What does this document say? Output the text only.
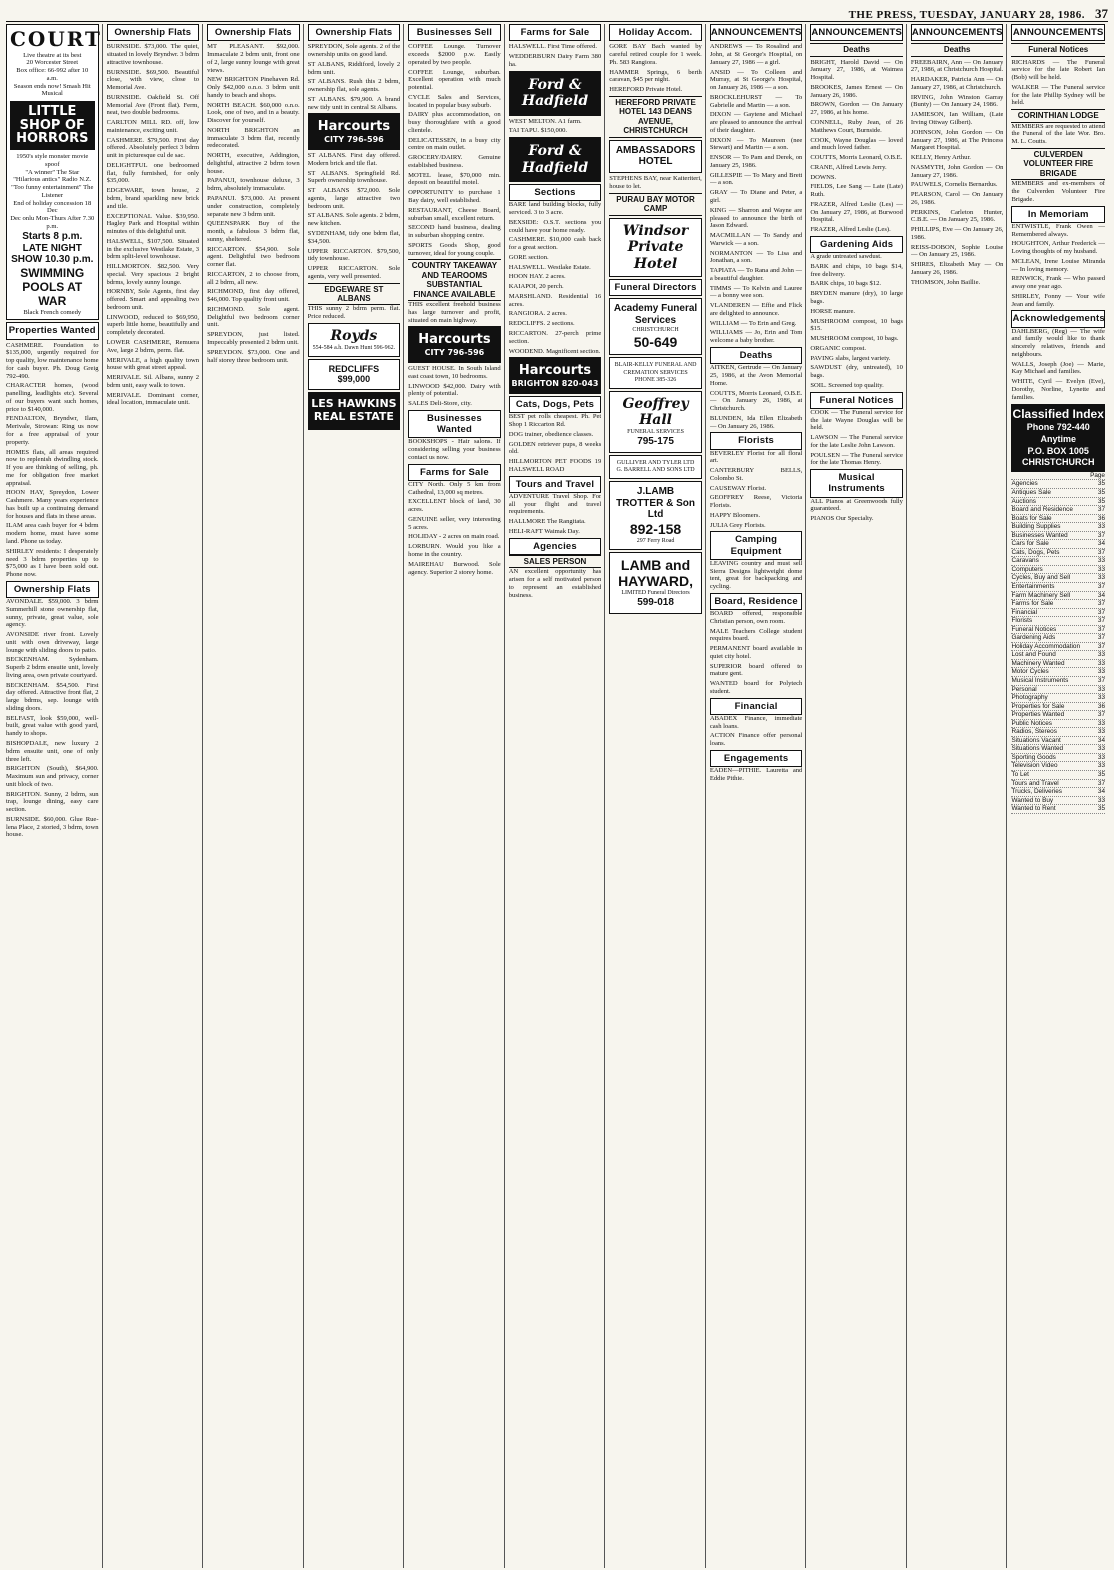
THE PRESS, TUESDAY, JANUARY 28, 1986. 37
COURT
Live theatre at its best
20 Worcester Street
Box office: 66-992 after 10 a.m.
Season ends now! Smash Hit Musical
LITTLE SHOP OF HORRORS
1950's style monster movie spoof
"A winner" The Star
"Hilarious antics" Radio N.Z.
"Too funny entertainment" The Listener
End of holiday concession 18 Dec
Dec onlu Mon-Thurs After 7.30 p.m.
Starts 8 p.m.
LATE NIGHT SHOW 10.30 p.m.
SWIMMING POOLS AT WAR
Black French comedy
Properties Wanted

CASHMERE. Foundation to $135,000, urgently required for top quality, low maintenance home for cash buyer. Ph. Doug Greig 792-490.

CHARACTER homes, (wood panelling, leadlights etc). Several of our buyers want such homes, price to $140,000.

FENDALTON, Bryndwr, Ilam, Merivale, Strowan: Ring us now for a free appraisal of your property.

HOMES flats, all areas required now to replenish dwindling stock. If you are thinking of selling, ph. me for obligation free market appraisal.

HOON HAY, Spreydon, Lower Cashmere. Many years experience has built up a continuing demand for houses and flats in these areas.

ILAM area cash buyer for 4 bdrm modern home, must have some land. Phone us today.

SHIRLEY residents: I desperately need 3 bdrm properties up to $75,000 as I have been sold out. Phone now.

Ownership Flats

AVONDALE. $59,000. 3 bdrm Summerhill stone ownership flat, sunny, private, great value, sole agency.

AVONSIDE river front. Lovely unit with own driveway, large lounge with sliding doors to patio.

BECKENHAM. Sydenham. Superb 2 bdrm ensuite unit, lovely living area, own private courtyard.

BECKENHAM. $54,500. First day offered. Attractive front flat, 2 large bdrms, sep. lounge with sliding doors.

BELFAST, look $59,000, well-built, great value with good yard, handy to shops.

BISHOPDALE, new luxury 2 bdrm ensuite unit, one of only three left.

BRIGHTON (South), $64,900. Maximum sun and privacy, corner unit block of two.

BRIGHTON. Sunny, 2 bdrm, sun trap, lounge dining, easy care section.

BURNSIDE. $60,000. Glue Rue-lena Place, 2 storied, 3 bdrm, town house.

Ownership Flats

BURNSIDE. $73,000. The quiet, situated in lovely Bryndwr. 3 bdrm attractive townhouse.

BURNSIDE. $69,500. Beautiful close, with view, close to Memorial Ave.

BURNSIDE. Oakfield St. Off Memorial Ave (Front flat). Ferm, neat, two double bedrooms.

CARLTON MILL RD. off, low maintenance, exciting unit.

CASHMERE. $79,500. First day offered. Absolutely perfect 3 bdrm unit in picturesque cul de sac.

DELIGHTFUL one bedroomed flat, fully furnished, for only $35,000.

EDGEWARE, town house, 2 bdrm, brand sparkling new brick and tile.

EXCEPTIONAL Value. $39,950. Hagley Park and Hospital within minutes of this delightful unit.

HALSWELL, $107,500. Situated in the exclusive Westlake Estate, 3 bdrm split-level townhouse.

HILLMORTON. $82,500. Very special. Very spacious 2 bright bdrms, lovely sunny lounge.

HORNBY, Sole Agents, first day offered. Smart and appealing two bedroom unit.

LINWOOD, reduced to $69,950, superb little home, beautifully and completely decorated.

LOWER CASHMERE, Remuera Ave, large 2 bdrm, perm. flat.

MERIVALE, a high quality town house with great street appeal.

MERIVALE. Sil. Albans, sunny 2 bdrm unit, easy walk to town.

MERIVALE. Dominant corner, ideal location, immaculate unit.

Ownership Flats

MT PLEASANT. $92,000. Immaculate 2 bdrm unit, front one of 2, large sunny lounge with great views.

NEW BRIGHTON Pinehaven Rd. Only $42,000 o.n.o. 3 bdrm unit handy to beach and shops.

NORTH BEACH. $60,000 o.n.o. Look, one of two, and in a beauty. Discover for yourself.

NORTH BRIGHTON an immaculate 3 bdrm flat, recently redecorated.

NORTH, executive, Addington, delightful, attractive 2 bdrm town house.

PAPANUI, townhouse deluxe, 3 bdrm, absolutely immaculate.

PAPANUI. $73,000. At present under construction, completely separate new 3 bdrm unit.

QUEENSPARK Buy of the month, a fabulous 3 bdrm flat, sunny, sheltered.

RICCARTON. $54,900. Sole agent. Delightful two bedroom corner flat.

RICCARTON, 2 to choose from, all 2 bdrm, all new.

RICHMOND, first day offered, $46,000. Top quality front unit.

RICHMOND. Sole agent. Delightful two bedroom corner unit.

SPREYDON, just listed. Impeccably presented 2 bdrm unit.

SPREYDON. $73,000. One and half storey three bedroom unit.

Ownership Flats

SPREYDON, Sole agents. 2 of the ownership units on good land.

ST ALBANS, Riddiford, lovely 2 bdrm unit.

ST ALBANS. Rush this 2 bdrm, ownership flat, sole agents.

ST ALBANS. $79,900. A brand new tidy unit in central St Albans.

Harcourts
CITY 796-596

ST ALBANS. First day offered. Modern brick and tile flat.

ST ALBANS. Springfield Rd. Superb ownership townhouse.

ST ALBANS $72,000. Sole agents, large attractive two bedroom unit.

ST ALBANS. Sole agents. 2 bdrm, new kitchen.

SYDENHAM, tidy one bdrm flat, $34,500.

UPPER RICCARTON. $79,500, tidy townhouse.

UPPER RICCARTON. Sole agents, very well presented.

EDGEWARE ST ALBANS

THIS sunny 2 bdrm perm. flat. Price reduced.

Royds
554-584 a.h. Dawn Hunt 596-962.
REDCLIFFS
$99,000
LES HAWKINS REAL ESTATE
Businesses Sell

COFFEE Lounge. Turnover exceeds $2000 p.w. Easily operated by two people.

COFFEE Lounge, suburban. Excellent operation with much potential.

CYCLE Sales and Services, located in popular busy suburb.

DAIRY plus accommodation, on busy thoroughfare with a good clientele.

DELICATESSEN, in a busy city centre on main outlet.

GROCERY/DAIRY. Genuine established business.

MOTEL lease, $70,000 min. deposit on beautiful motel.

OPPORTUNITY to purchase 1 Bay dairy, well established.

RESTAURANT, Cheese Board, suburban small, excellent return.

SECOND hand business, dealing in suburban shopping centre.

SPORTS Goods Shop, good turnover, ideal for young couple.

COUNTRY TAKEAWAY AND TEAROOMS SUBSTANTIAL FINANCE AVAILABLE

THIS excellent freehold business has large turnover and profit, situated on main highway.

Harcourts
CITY 796-596

GUEST HOUSE. In South Island east coast town, 10 bedrooms.

LINWOOD $42,000. Dairy with plenty of potential.

SALES Deli-Store, city.

Businesses Wanted

BOOKSHOPS - Hair salons. If considering selling your business contact us now.

Farms for Sale

CITY North. Only 5 km from Cathedral, 13,000 sq metres.

EXCELLENT block of land, 30 acres.

GENUINE seller, very interesting 5 acres.

HOLIDAY - 2 acres on main road.

LORBURN. Would you like a home in the country.

MAIREHAU Burwood. Sole agency. Superior 2 storey home.

Farms for Sale

HALSWELL. First Time offered.

WEDDERBURN Dairy Farm 380 ha.

Ford & Hadfield

WEST MELTON. A1 farm.

TAI TAPU. $150,000.

Ford & Hadfield
Sections

BARE land building blocks, fully serviced. 3 to 3 acre.

BEXSIDE: O.S.T. sections you could have your home ready.

CASHMERE. $10,000 cash back for a great section.

GORE section.

HALSWELL. Westlake Estate.

HOON HAY. 2 acres.

KAIAPOI, 20 perch.

MARSHLAND. Residential 16 acres.

RANGIORA. 2 acres.

REDCLIFFS. 2 sections.

RICCARTON. 27-perch prime section.

WOODEND. Magnificent section.

Harcourts
BRIGHTON 820-043
Cats, Dogs, Pets

BEST pet rolls cheapest. Ph. Pet Shop 1 Riccarton Rd.

DOG trainer, obedience classes.

GOLDEN retriever pups, 8 weeks old.

HILLMORTON PET FOODS 19 HALSWELL ROAD

Tours and Travel

ADVENTURE Travel Shop. For all your flight and travel requirements.

HALLMORE The Rangitata.

HELI-RAFT Waimak Day.

Agencies
SALES PERSON

AN excellent opportunity has arisen for a self motivated person to represent an established business.

Holiday Accom.

GORE BAY Bach wanted by careful retired couple for 1 week. Ph. 583 Rangiora.

HAMMER Springs, 6 berth caravan, $45 per night.

HEREFORD Private Hotel.

HEREFORD PRIVATE HOTEL 143 DEANS AVENUE, CHRISTCHURCH
AMBASSADORS HOTEL

STEPHENS BAY, near Kaiteriteri, house to let.

PURAU BAY MOTOR CAMP
Windsor Private Hotel
Funeral Directors
Academy Funeral Services
CHRISTCHURCH
50-649
BLAIR-KELLY FUNERAL AND CREMATION SERVICES
PHONE 385-326
Geoffrey Hall
FUNERAL SERVICES
795-175
GULLIVER AND TYLER LTD
G. BARRELL AND SONS LTD
J.LAMB TROTTER & Son Ltd
892-158
297 Ferry Road
LAMB and HAYWARD,
LIMITED Funeral Directors
599-018
ANNOUNCEMENTS

ANDREWS — To Rosalind and John, at St George's Hospital, on January 27, 1986 — a girl.

ANSID — To Colleen and Murray, at St George's Hospital, on January 26, 1986 — a son.

BROCKLEHURST — To Gabrielle and Martin — a son.

DIXON — Gaytene and Michael are pleased to announce the arrival of their daughter.

DIXON — To Maureen (nee Stewart) and Martin — a son.

ENSOR — To Pam and Derek, on January 25, 1986.

GILLESPIE — To Mary and Brett — a son.

GRAY — To Diane and Peter, a girl.

KING — Sharron and Wayne are pleased to announce the birth of Jason Edward.

MACMILLAN — To Sandy and Warwick — a son.

NORMANTON — To Lisa and Jonathan, a son.

TAPIATA — To Rana and John — a beautiful daughter.

TIMMS — To Kelvin and Lauree — a bonny wee son.

VLANDEREN — Effie and Flick are delighted to announce.

WILLIAM — To Erin and Greg.

WILLIAMS — Jo, Erin and Tom welcome a baby brother.

Deaths

AITKEN, Gertrude — On January 25, 1986, at the Avon Memorial Home.

COUTTS, Morris Leonard, O.B.E. — On January 26, 1986, at Christchurch.

BLUNDEN, Ida Ellen Elizabeth — On January 26, 1986.

Florists

BEVERLEY Florist for all floral art.

CANTERBURY BELLS, Colombo St.

CAUSEWAY Florist.

GEOFFREY Reese, Victoria Florists.

HAPPY Bloomers.

JULIA Grey Florists.

Camping Equipment

LEAVING country and must sell Sierra Designs lightweight dome tent, great for backpacking and cycling.

Board, Residence

BOARD offered, responsible Christian person, own room.

MALE Teachers College student requires board.

PERMANENT board available in quiet city hotel.

SUPERIOR board offered to mature gent.

WANTED board for Polytech student.

Financial

ABADEX Finance, immediate cash loans.

ACTION Finance offer personal loans.

Engagements

EADEN—PITHIE. Lauretta and Eddie Pithie.

ANNOUNCEMENTS
Deaths

BRIGHT, Harold David — On January 27, 1986, at Waimea Hospital.

BROOKES, James Ernest — On January 26, 1986.

BROWN, Gordon — On January 27, 1986, at his home.

CONNELL, Ruby Jean, of 26 Matthews Court, Burnside.

COOK, Wayne Douglas — loved and much loved father.

COUTTS, Morris Leonard, O.B.E.

CRANE, Alfred Lewis Jerry.

DOWNS.

FIELDS, Lee Sang — Late (Late) Ruth.

FRAZER, Alfred Leslie (Les) — On January 27, 1986, at Burwood Hospital.

FRAZER, Alfred Leslie (Les).

Gardening Aids

A grade untreated sawdust.

BARK and chips, 10 bags $14, free delivery.

BARK chips, 10 bags $12.

BRYDEN manure (dry), 10 large bags.

HORSE manure.

MUSHROOM compost, 10 bags $15.

MUSHROOM compost, 10 bags.

ORGANIC compost.

PAVING slabs, largest variety.

SAWDUST (dry, untreated), 10 bags.

SOIL. Screened top quality.

Funeral Notices

COOK — The Funeral service for the late Wayne Douglas will be held.

LAWSON — The Funeral service for the late Leslie John Lawson.

POULSEN — The Funeral service for the late Thomas Henry.

Musical Instruments

ALL Pianos at Greenwoods fully guaranteed.

PIANOS Our Specialty.

ANNOUNCEMENTS
Deaths

FREEBAIRN, Ann — On January 27, 1986, at Christchurch Hospital.

HARDAKER, Patricia Ann — On January 27, 1986, at Christchurch.

IRVING, John Winston Garray (Bunty) — On January 24, 1986.

JAMIESON, Ian William, (Late Irving Ottway Gilbert).

JOHNSON, John Gordon — On January 27, 1986, at The Princess Margaret Hospital.

KELLY, Henry Arthur.

NASMYTH, John Gordon — On January 27, 1986.

PAUWELS, Cornelis Bernardus.

PEARSON, Carol — On January 26, 1986.

PERKINS, Carleton Hunter, C.B.E. — On January 25, 1986.

PHILLIPS, Eve — On January 26, 1986.

REISS-DOBON, Sophie Louise — On January 25, 1986.

SHIRES, Elizabeth May — On January 26, 1986.

THOMSON, John Baillie.

ANNOUNCEMENTS
Funeral Notices

RICHARDS — The Funeral service for the late Robert Ian (Bob) will be held.

WALKER — The Funeral service for the late Phillip Sydney will be held.

CORINTHIAN LODGE

MEMBERS are requested to attend the Funeral of the late Wor. Bro. M. L. Coutts.

CULVERDEN VOLUNTEER FIRE BRIGADE

MEMBERS and ex-members of the Culverden Volunteer Fire Brigade.

In Memoriam

ENTWISTLE, Frank Owen — Remembered always.

HOUGHTON, Arthur Frederick — Loving thoughts of my husband.

MCLEAN, Irene Louise Miranda — In loving memory.

RENWICK, Frank — Who passed away one year ago.

SHIRLEY, Fonny — Your wife Jean and family.

Acknowledgements

DAHLBERG, (Reg) — The wife and family would like to thank sincerely relatives, friends and neighbours.

WALLS, Joseph (Joe) — Marie, Kay Michael and families.

WHITE, Cyril — Evelyn (Eve), Dorothy, Norline, Lynette and families.

Classified Index
Phone 792-440
Anytime
P.O. BOX 1005
CHRISTCHURCH
Page
Agencies	35
Antiques Sale	35
Auctions	35
Board and Residence	37
Boats for Sale	36
Building Supplies	33
Businesses Wanted	37
Cars for Sale	34
Cats, Dogs, Pets	37
Caravans	33
Computers	33
Cycles, Buy and Sell	33
Entertainments	37
Farm Machinery Sell	34
Farms for Sale	37
Financial	37
Florists	37
Funeral Notices	37
Gardening Aids	37
Holiday Accommodation	37
Lost and Found	33
Machinery Wanted	33
Motor Cycles	33
Musical Instruments	37
Personal	33
Photography	33
Properties for Sale	36
Properties Wanted	37
Public Notices	33
Radios, Stereos	33
Situations Vacant	34
Situations Wanted	33
Sporting Goods	33
Television Video	33
To Let	35
Tours and Travel	37
Trucks, Deliveries	34
Wanted to Buy	33
Wanted to Rent	35
